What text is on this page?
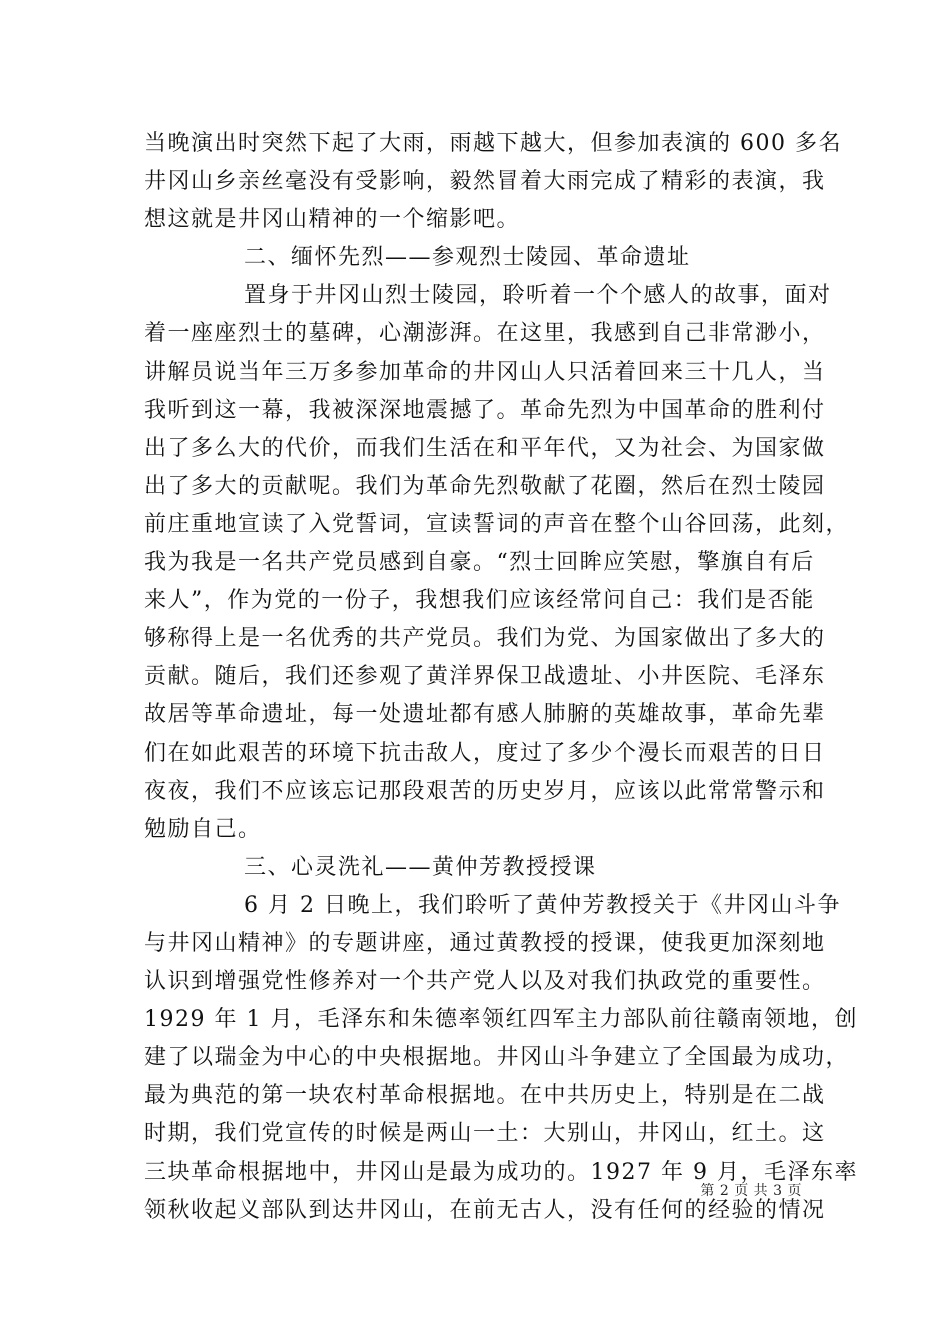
当晚演出时突然下起了大雨，雨越下越大，但参加表演的 600 多名
井冈山乡亲丝毫没有受影响，毅然冒着大雨完成了精彩的表演，我
想这就是井冈山精神的一个缩影吧。
二、缅怀先烈——参观烈士陵园、革命遗址
置身于井冈山烈士陵园，聆听着一个个感人的故事，面对
着一座座烈士的墓碑，心潮澎湃。在这里，我感到自己非常渺小，
讲解员说当年三万多参加革命的井冈山人只活着回来三十几人，当
我听到这一幕，我被深深地震撼了。革命先烈为中国革命的胜利付
出了多么大的代价，而我们生活在和平年代，又为社会、为国家做
出了多大的贡献呢。我们为革命先烈敬献了花圈，然后在烈士陵园
前庄重地宣读了入党誓词，宣读誓词的声音在整个山谷回荡，此刻，
我为我是一名共产党员感到自豪。“烈士回眸应笑慰，擎旗自有后
来人”，作为党的一份子，我想我们应该经常问自己：我们是否能
够称得上是一名优秀的共产党员。我们为党、为国家做出了多大的
贡献。随后，我们还参观了黄洋界保卫战遗址、小井医院、毛泽东
故居等革命遗址，每一处遗址都有感人肺腑的英雄故事，革命先辈
们在如此艰苦的环境下抗击敌人，度过了多少个漫长而艰苦的日日
夜夜，我们不应该忘记那段艰苦的历史岁月，应该以此常常警示和
勉励自己。
三、心灵洗礼——黄仲芳教授授课
6 月 2 日晚上，我们聆听了黄仲芳教授关于《井冈山斗争
与井冈山精神》的专题讲座，通过黄教授的授课，使我更加深刻地
认识到增强党性修养对一个共产党人以及对我们执政党的重要性。
1929 年 1 月，毛泽东和朱德率领红四军主力部队前往赣南领地，创
建了以瑞金为中心的中央根据地。井冈山斗争建立了全国最为成功，
最为典范的第一块农村革命根据地。在中共历史上，特别是在二战
时期，我们党宣传的时候是两山一土：大别山，井冈山，红土。这
三块革命根据地中，井冈山是最为成功的。1927 年 9 月，毛泽东率
领秋收起义部队到达井冈山，在前无古人，没有任何的经验的情况
第 2 页 共 3 页
